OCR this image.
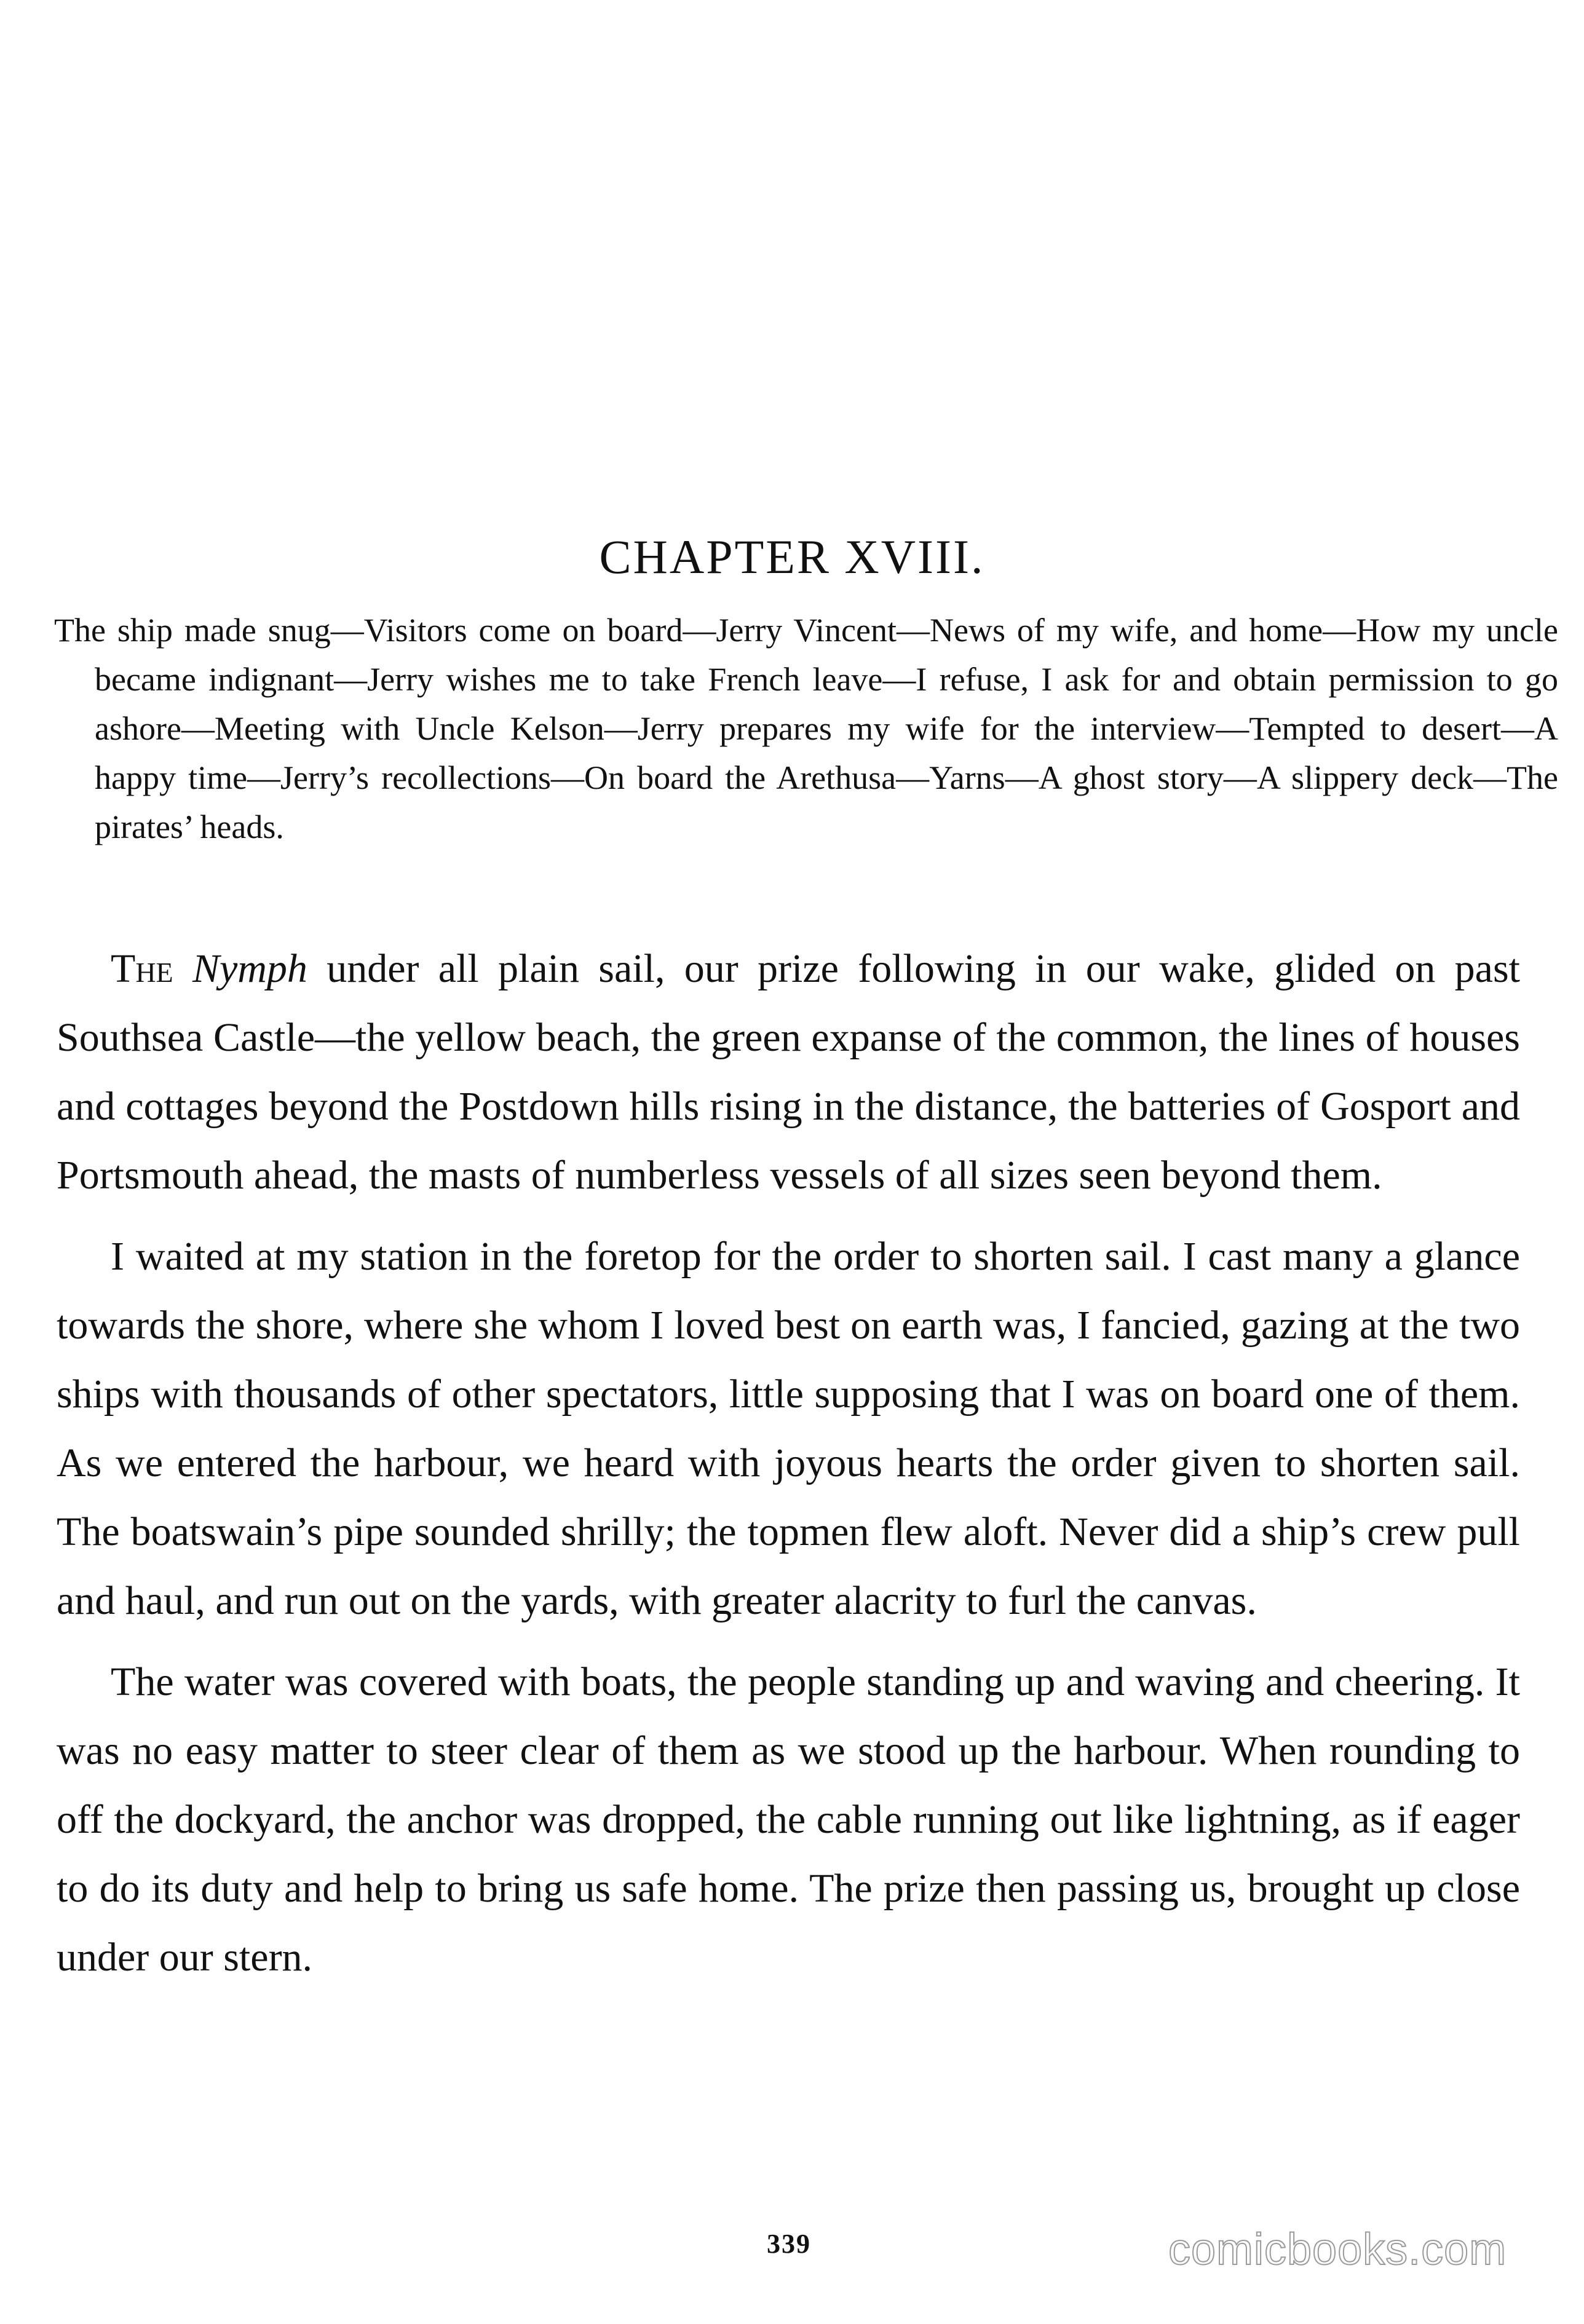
CHAPTER XVIII.
The ship made snug—Visitors come on board—Jerry Vincent—News of my wife, and home—How my uncle became indignant—Jerry wishes me to take French leave—I refuse, I ask for and obtain permission to go ashore—Meeting with Uncle Kelson—Jerry prepares my wife for the interview—Tempted to desert—A happy time—Jerry’s recollections—On board the Arethusa—Yarns—A ghost story—A slippery deck—The pirates’ heads.

The Nymph under all plain sail, our prize following in our wake, glided on past Southsea Castle—the yellow beach, the green expanse of the common, the lines of houses and cottages beyond the Postdown hills rising in the distance, the batteries of Gosport and Portsmouth ahead, the masts of numberless vessels of all sizes seen beyond them.

I waited at my station in the foretop for the order to shorten sail. I cast many a glance towards the shore, where she whom I loved best on earth was, I fancied, gazing at the two ships with thousands of other spectators, little supposing that I was on board one of them. As we entered the harbour, we heard with joyous hearts the order given to shorten sail. The boatswain’s pipe sounded shrilly; the topmen flew aloft. Never did a ship’s crew pull and haul, and run out on the yards, with greater alacrity to furl the canvas.

The water was covered with boats, the people standing up and waving and cheering. It was no easy matter to steer clear of them as we stood up the harbour. When rounding to off the dockyard, the anchor was dropped, the cable running out like lightning, as if eager to do its duty and help to bring us safe home. The prize then passing us, brought up close under our stern.

339	comicbooks.com
